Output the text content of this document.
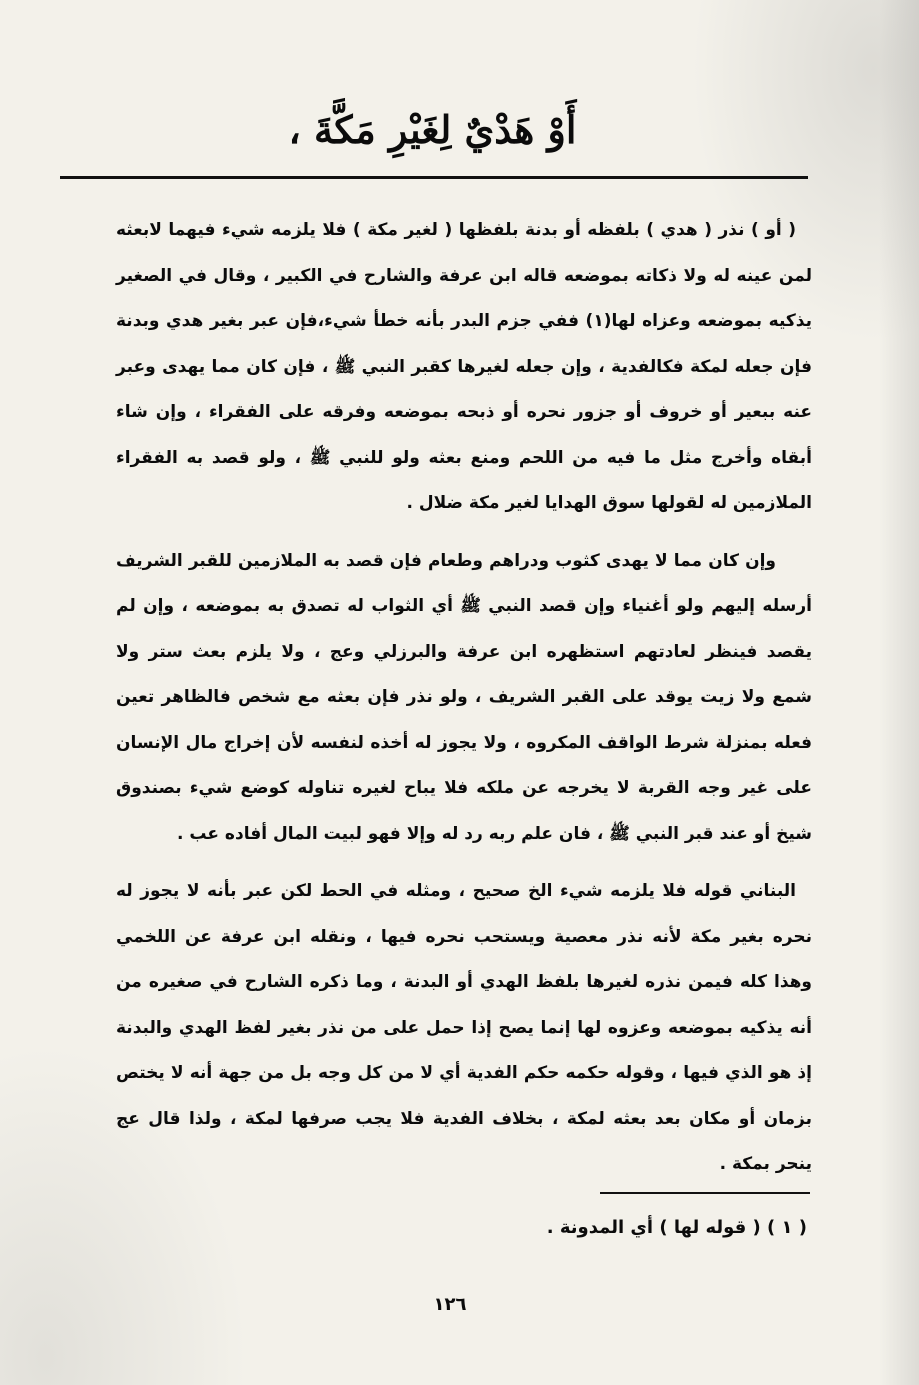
أَوْ هَدْيٌ لِغَيْرِ مَكَّةَ ،

( أو ) نذر ( هدي ) بلفظه أو بدنة بلفظها ( لغير مكة ) فلا يلزمه شيء فيهما لابعثه لمن عينه له ولا ذكاته بموضعه قاله ابن عرفة والشارح في الكبير ، وقال في الصغير يذكيه بموضعه وعزاه لها(١) ففي جزم البدر بأنه خطأ شيء،فإن عبر بغير هدي وبدنة فإن جعله لمكة فكالفدية ، وإن جعله لغيرها كقبر النبي ﷺ ، فإن كان مما يهدى وعبر عنه ببعير أو خروف أو جزور نحره أو ذبحه بموضعه وفرقه على الفقراء ، وإن شاء أبقاه وأخرج مثل ما فيه من اللحم ومنع بعثه ولو للنبي ﷺ ، ولو قصد به الفقراء الملازمين له لقولها سوق الهدايا لغير مكة ضلال .

وإن كان مما لا يهدى كثوب ودراهم وطعام فإن قصد به الملازمين للقبر الشريف أرسله إليهم ولو أغنياء وإن قصد النبي ﷺ أي الثواب له تصدق به بموضعه ، وإن لم يقصد فينظر لعادتهم استظهره ابن عرفة والبرزلي وعج ، ولا يلزم بعث ستر ولا شمع ولا زيت يوقد على القبر الشريف ، ولو نذر فإن بعثه مع شخص فالظاهر تعين فعله بمنزلة شرط الواقف المكروه ، ولا يجوز له أخذه لنفسه لأن إخراج مال الإنسان على غير وجه القربة لا يخرجه عن ملكه فلا يباح لغيره تناوله كوضع شيء بصندوق شيخ أو عند قبر النبي ﷺ ، فان علم ربه رد له وإلا فهو لبيت المال أفاده عب .

البناني قوله فلا يلزمه شيء الخ صحيح ، ومثله في الحط لكن عبر بأنه لا يجوز له نحره بغير مكة لأنه نذر معصية ويستحب نحره فيها ، ونقله ابن عرفة عن اللخمي وهذا كله فيمن نذره لغيرها بلفظ الهدي أو البدنة ، وما ذكره الشارح في صغيره من أنه يذكيه بموضعه وعزوه لها إنما يصح إذا حمل على من نذر بغير لفظ الهدي والبدنة إذ هو الذي فيها ، وقوله حكمه حكم الفدية أي لا من كل وجه بل من جهة أنه لا يختص بزمان أو مكان بعد بعثه لمكة ، بخلاف الفدية فلا يجب صرفها لمكة ، ولذا قال عج ينحر بمكة .

( ١ ) ( قوله لها ) أي المدونة .
١٢٦
